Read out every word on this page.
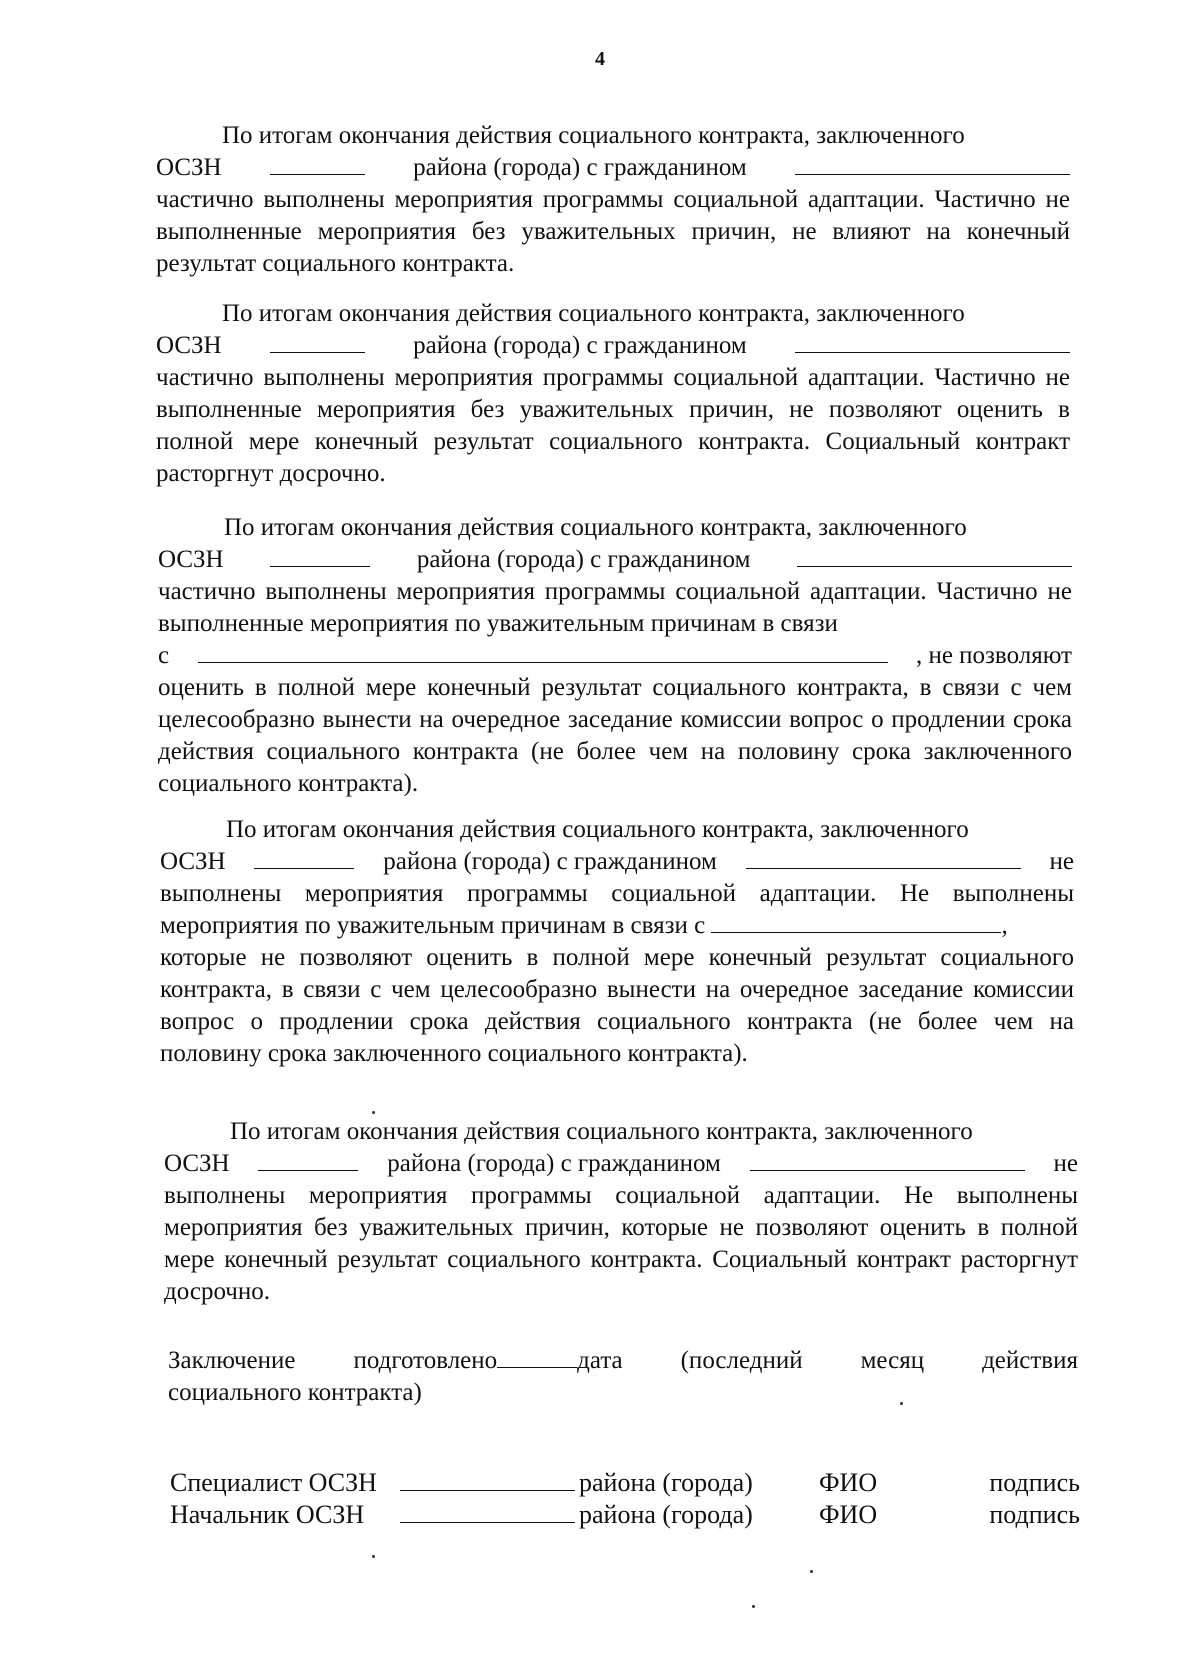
4
По итогам окончания действия социального контракта, заключенного
ОСЗН	района (города) с гражданином
частично выполнены мероприятия программы социальной адаптации. Частично не выполненные мероприятия без уважительных причин, не влияют на конечный результат социального контракта.
По итогам окончания действия социального контракта, заключенного
ОСЗН	района (города) с гражданином
частично выполнены мероприятия программы социальной адаптации. Частично не выполненные мероприятия без уважительных причин, не позволяют оценить в полной мере конечный результат социального контракта. Социальный контракт расторгнут досрочно.
По итогам окончания действия социального контракта, заключенного
ОСЗН	района (города) с гражданином
частично выполнены мероприятия программы социальной адаптации. Частично не выполненные мероприятия по уважительным причинам в связи
с	, не позволяют
оценить в полной мере конечный результат социального контракта, в связи с чем целесообразно вынести на очередное заседание комиссии вопрос о продлении срока действия социального контракта (не более чем на половину срока заключенного социального контракта).
По итогам окончания действия социального контракта, заключенного
ОСЗН	района (города) с гражданином	не
выполнены мероприятия программы социальной адаптации. Не выполнены
мероприятия по уважительным причинам в связи с
	,
которые не позволяют оценить в полной мере конечный результат социального контракта, в связи с чем целесообразно вынести на очередное заседание комиссии вопрос о продлении срока действия социального контракта (не более чем на половину срока заключенного социального контракта).
По итогам окончания действия социального контракта, заключенного
ОСЗН	района (города) с гражданином	не
выполнены мероприятия программы социальной адаптации. Не выполнены мероприятия без уважительных причин, которые не позволяют оценить в полной мере конечный результат социального контракта. Социальный контракт расторгнут досрочно.
Заключение подготовлено	дата (последний месяц действия
социального контракта)
Специалист ОСЗН	района (города)	ФИО	подпись
Начальник ОСЗН	района (города)	ФИО	подпись
